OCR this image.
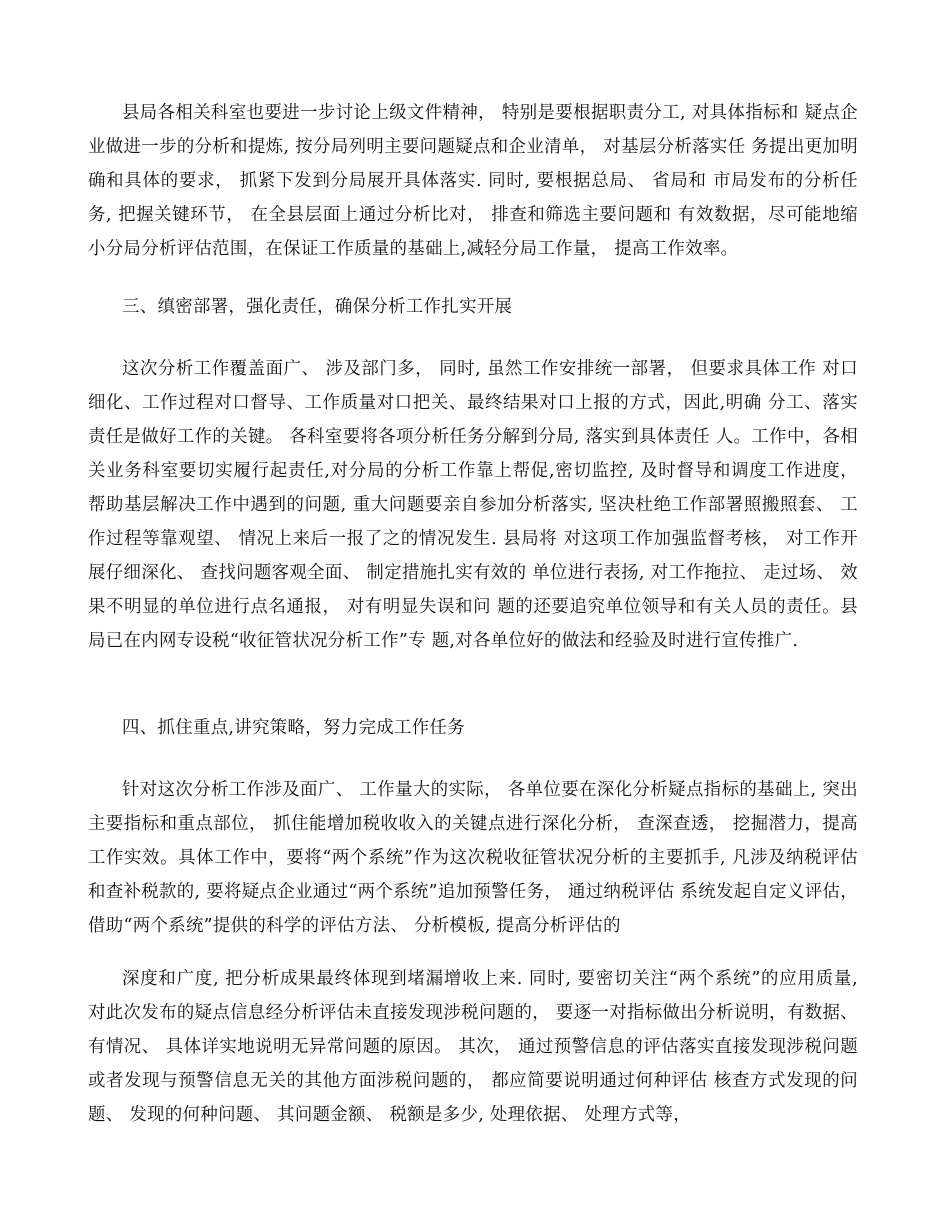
县局各相关科室也要进一步讨论上级文件精神， 特别是要根据职责分工, 对具体指标和 疑点企业做进一步的分析和提炼, 按分局列明主要问题疑点和企业清单， 对基层分析落实任 务提出更加明确和具体的要求， 抓紧下发到分局展开具体落实. 同时, 要根据总局、 省局和 市局发布的分析任务, 把握关键环节， 在全县层面上通过分析比对， 排查和筛选主要问题和 有效数据，尽可能地缩小分局分析评估范围，在保证工作质量的基础上,减轻分局工作量， 提高工作效率。

三、缜密部署，强化责任，确保分析工作扎实开展

这次分析工作覆盖面广、 涉及部门多， 同时, 虽然工作安排统一部署， 但要求具体工作 对口细化、工作过程对口督导、工作质量对口把关、最终结果对口上报的方式，因此,明确 分工、落实责任是做好工作的关键。 各科室要将各项分析任务分解到分局, 落实到具体责任 人。工作中，各相关业务科室要切实履行起责任,对分局的分析工作靠上帮促,密切监控, 及时督导和调度工作进度， 帮助基层解决工作中遇到的问题, 重大问题要亲自参加分析落实, 坚决杜绝工作部署照搬照套、 工作过程等靠观望、 情况上来后一报了之的情况发生. 县局将 对这项工作加强监督考核， 对工作开展仔细深化、 查找问题客观全面、 制定措施扎实有效的 单位进行表扬, 对工作拖拉、 走过场、 效果不明显的单位进行点名通报， 对有明显失误和问 题的还要追究单位领导和有关人员的责任。县局已在内网专设税“收征管状况分析工作”专 题,对各单位好的做法和经验及时进行宣传推广.

四、抓住重点,讲究策略，努力完成工作任务

针对这次分析工作涉及面广、 工作量大的实际， 各单位要在深化分析疑点指标的基础上, 突出主要指标和重点部位， 抓住能增加税收收入的关键点进行深化分析， 查深查透， 挖掘潜力，提高工作实效。具体工作中，要将“两个系统”作为这次税收征管状况分析的主要抓手, 凡涉及纳税评估和查补税款的, 要将疑点企业通过“两个系统”追加预警任务， 通过纳税评估 系统发起自定义评估， 借助“两个系统”提供的科学的评估方法、 分析模板, 提高分析评估的

深度和广度, 把分析成果最终体现到堵漏增收上来. 同时, 要密切关注“两个系统”的应用质量, 对此次发布的疑点信息经分析评估未直接发现涉税问题的， 要逐一对指标做出分析说明，有数据、 有情况、 具体详实地说明无异常问题的原因。 其次， 通过预警信息的评估落实直接发现涉税问题或者发现与预警信息无关的其他方面涉税问题的， 都应简要说明通过何种评估 核查方式发现的问题、 发现的何种问题、 其问题金额、 税额是多少, 处理依据、 处理方式等，
